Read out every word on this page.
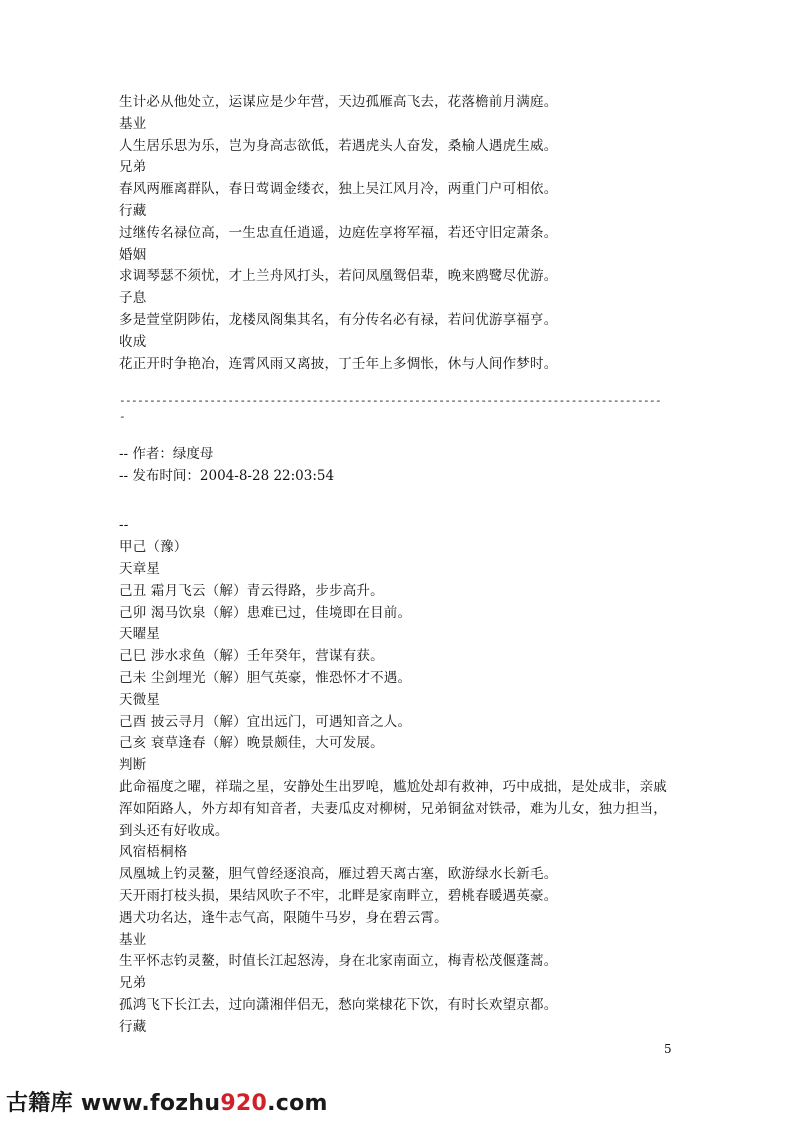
生计必从他处立，运谋应是少年营，天边孤雁高飞去，花落檐前月满庭。
基业
人生居乐思为乐，岂为身高志欲低，若遇虎头人奋发，桑榆人遇虎生威。
兄弟
春风两雁离群队，春日莺调金缕衣，独上吴江风月冷，两重门户可相依。
行藏
过继传名禄位高，一生忠直任逍遥，边庭佐享将军福，若还守旧定萧条。
婚姻
求调琴瑟不须忧，才上兰舟风打头，若问凤凰鸳侣辈，晚来鸥鹭尽优游。
子息
多是萱堂阴陟佑，龙楼凤阁集其名，有分传名必有禄，若问优游享福亨。
收成
花正开时争艳冶，连霄风雨又离披，丁壬年上多惆怅，休与人间作梦时。
------------------------------------------------------------------------------------------
-
-- 作者：绿度母
-- 发布时间：2004-8-28 22:03:54
--
甲己（豫）
天章星
己丑 霜月飞云（解）青云得路，步步高升。
己卯 渴马饮泉（解）患难已过，佳境即在目前。
天曜星
己巳 涉水求鱼（解）壬年癸年，营谋有获。
己未 尘剑埋光（解）胆气英豪，惟恐怀才不遇。
天微星
己酉 披云寻月（解）宜出远门，可遇知音之人。
己亥 衰草逢春（解）晚景颇佳，大可发展。
判断
此命福度之曜，祥瑞之星，安静处生出罗唣，尴尬处却有救神，巧中成拙，是处成非，亲戚浑如陌路人，外方却有知音者，夫妻瓜皮对柳树，兄弟铜盆对铁帚，难为儿女，独力担当，到头还有好收成。
风宿梧桐格
凤凰城上钓灵鳌，胆气曾经逐浪高，雁过碧天离古塞，欧游绿水长新毛。
天开雨打枝头损，果结风吹子不牢，北畔是家南畔立，碧桃春暖遇英豪。
遇犬功名达，逢牛志气高，限随牛马岁，身在碧云霄。
基业
生平怀志钓灵鳌，时值长江起怒涛，身在北家南面立，梅青松茂偃蓬蒿。
兄弟
孤鸿飞下长江去，过向潇湘伴侣无，愁向棠棣花下饮，有时长欢望京都。
行藏
5
古籍库 www.fozhu920.com
